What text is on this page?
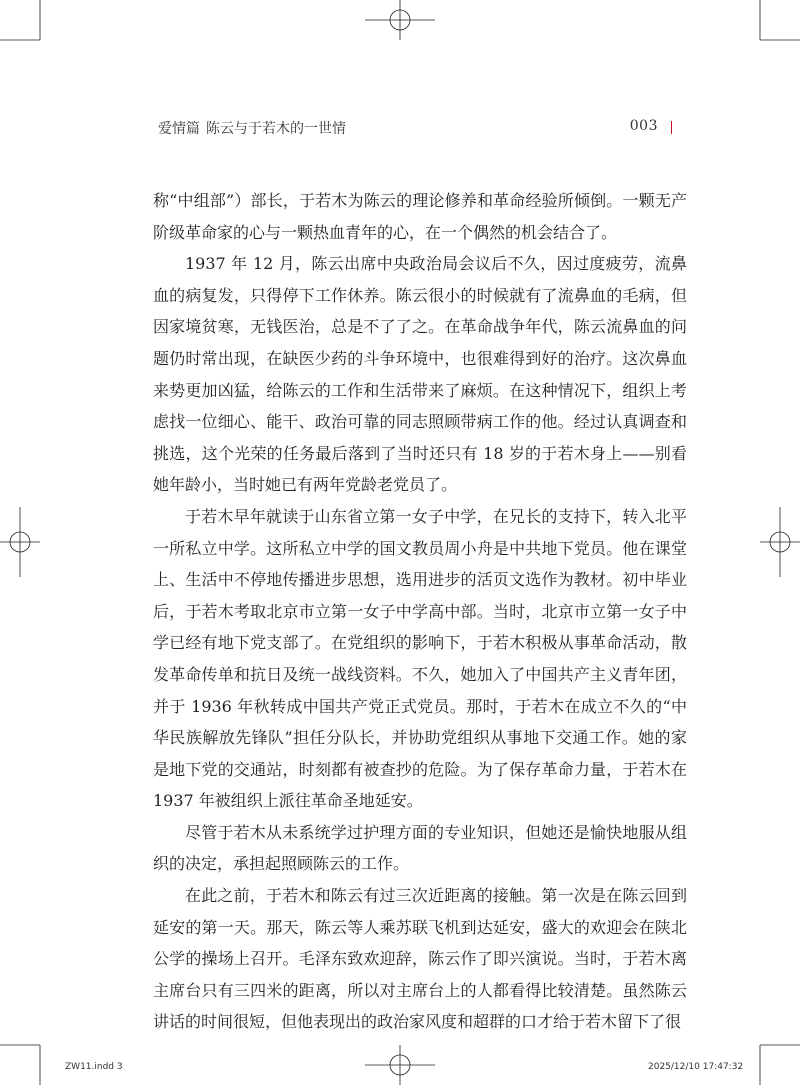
爱情篇 陈云与于若木的一世情	003

称“中组部”）部长，于若木为陈云的理论修养和革命经验所倾倒。一颗无产阶级革命家的心与一颗热血青年的心，在一个偶然的机会结合了。

1937 年 12 月，陈云出席中央政治局会议后不久，因过度疲劳，流鼻血的病复发，只得停下工作休养。陈云很小的时候就有了流鼻血的毛病，但因家境贫寒，无钱医治，总是不了了之。在革命战争年代，陈云流鼻血的问题仍时常出现，在缺医少药的斗争环境中，也很难得到好的治疗。这次鼻血来势更加凶猛，给陈云的工作和生活带来了麻烦。在这种情况下，组织上考虑找一位细心、能干、政治可靠的同志照顾带病工作的他。经过认真调查和挑选，这个光荣的任务最后落到了当时还只有 18 岁的于若木身上——别看她年龄小，当时她已有两年党龄老党员了。

于若木早年就读于山东省立第一女子中学，在兄长的支持下，转入北平一所私立中学。这所私立中学的国文教员周小舟是中共地下党员。他在课堂上、生活中不停地传播进步思想，选用进步的活页文选作为教材。初中毕业后，于若木考取北京市立第一女子中学高中部。当时，北京市立第一女子中学已经有地下党支部了。在党组织的影响下，于若木积极从事革命活动，散发革命传单和抗日及统一战线资料。不久，她加入了中国共产主义青年团，并于 1936 年秋转成中国共产党正式党员。那时，于若木在成立不久的“中华民族解放先锋队”担任分队长，并协助党组织从事地下交通工作。她的家是地下党的交通站，时刻都有被查抄的危险。为了保存革命力量，于若木在 1937 年被组织上派往革命圣地延安。

尽管于若木从未系统学过护理方面的专业知识，但她还是愉快地服从组织的决定，承担起照顾陈云的工作。

在此之前，于若木和陈云有过三次近距离的接触。第一次是在陈云回到延安的第一天。那天，陈云等人乘苏联飞机到达延安，盛大的欢迎会在陕北公学的操场上召开。毛泽东致欢迎辞，陈云作了即兴演说。当时，于若木离主席台只有三四米的距离，所以对主席台上的人都看得比较清楚。虽然陈云讲话的时间很短，但他表现出的政治家风度和超群的口才给于若木留下了很

ZW11.indd 3	2025/12/10 17:47:32
